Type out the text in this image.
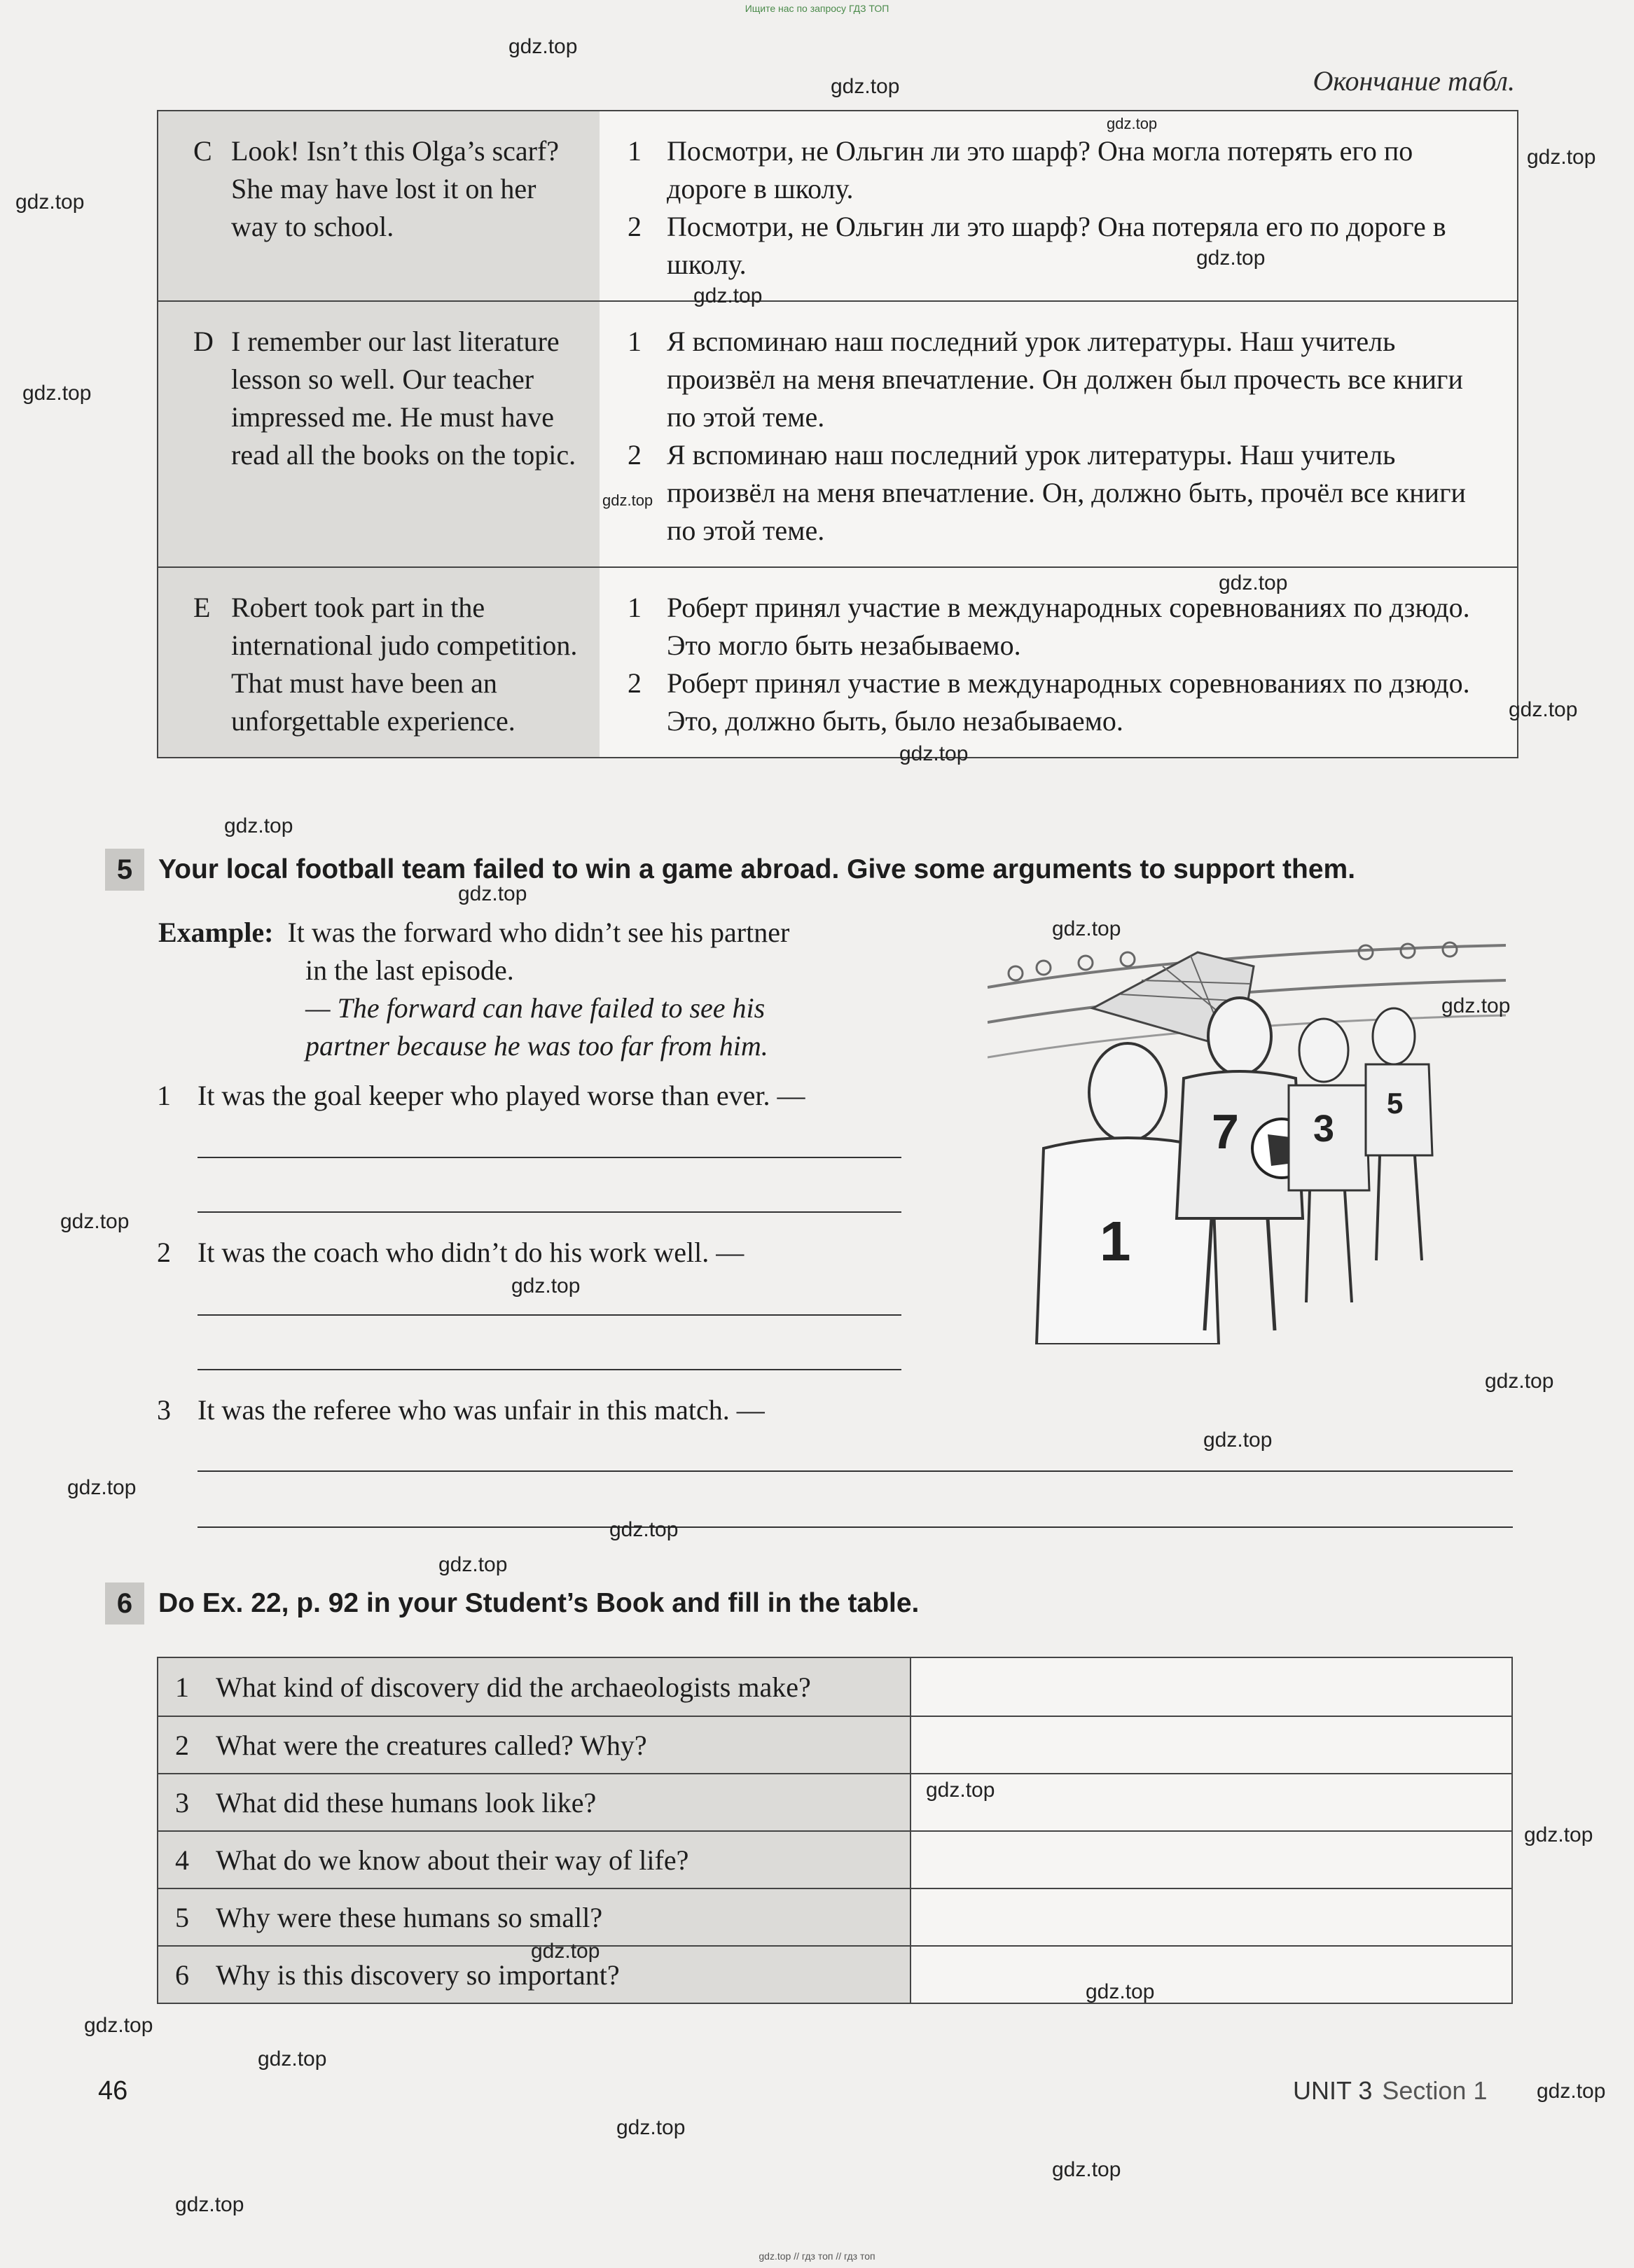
Ищите нас по запросу ГДЗ ТОП
Окончание табл.
C Look! Isn’t this Olga’s scarf? She may have lost it on her way to school.
1 Посмотри, не Ольгин ли это шарф? Она могла потерять его по дороге в школу.
2 Посмотри, не Ольгин ли это шарф? Она потеряла его по дороге в школу.
D I remember our last literature lesson so well. Our teacher impressed me. He must have read all the books on the topic.
1 Я вспоминаю наш последний урок литературы. Наш учитель произвёл на меня впечатление. Он должен был прочесть все книги по этой теме.
2 Я вспоминаю наш последний урок литературы. Наш учитель произвёл на меня впечатление. Он, должно быть, прочёл все книги по этой теме.
E Robert took part in the international judo competition. That must have been an unforgettable experience.
1 Роберт принял участие в международных соревнованиях по дзюдо. Это могло быть незабываемо.
2 Роберт принял участие в международных соревнованиях по дзюдо. Это, должно быть, было незабываемо.
5 Your local football team failed to win a game abroad. Give some arguments to support them.
Example: It was the forward who didn’t see his partner
in the last episode.
— The forward can have failed to see his
partner because he was too far from him.
1 It was the goal keeper who played worse than ever. —
2 It was the coach who didn’t do his work well. —
3 It was the referee who was unfair in this match. —
1
7 3
5
6 Do Ex. 22, p. 92 in your Student’s Book and fill in the table.
1 What kind of discovery did the archaeologists make?
2 What were the creatures called? Why?
3 What did these humans look like?
4 What do we know about their way of life?
5 Why were these humans so small?
6 Why is this discovery so important?
46	UNIT 3 Section 1
gdz.top
gdz.top
gdz.top
gdz.top
gdz.top
gdz.top
gdz.top
gdz.top
gdz.top
gdz.top
gdz.top
gdz.top
gdz.top
gdz.top
gdz.top
gdz.top
gdz.top
gdz.top
gdz.top
gdz.top
gdz.top
gdz.top
gdz.top
gdz.top
gdz.top
gdz.top
gdz.top
gdz.top
gdz.top
gdz.top
gdz.top
gdz.top
gdz.top
gdz.top // гдз топ // гдз топ
